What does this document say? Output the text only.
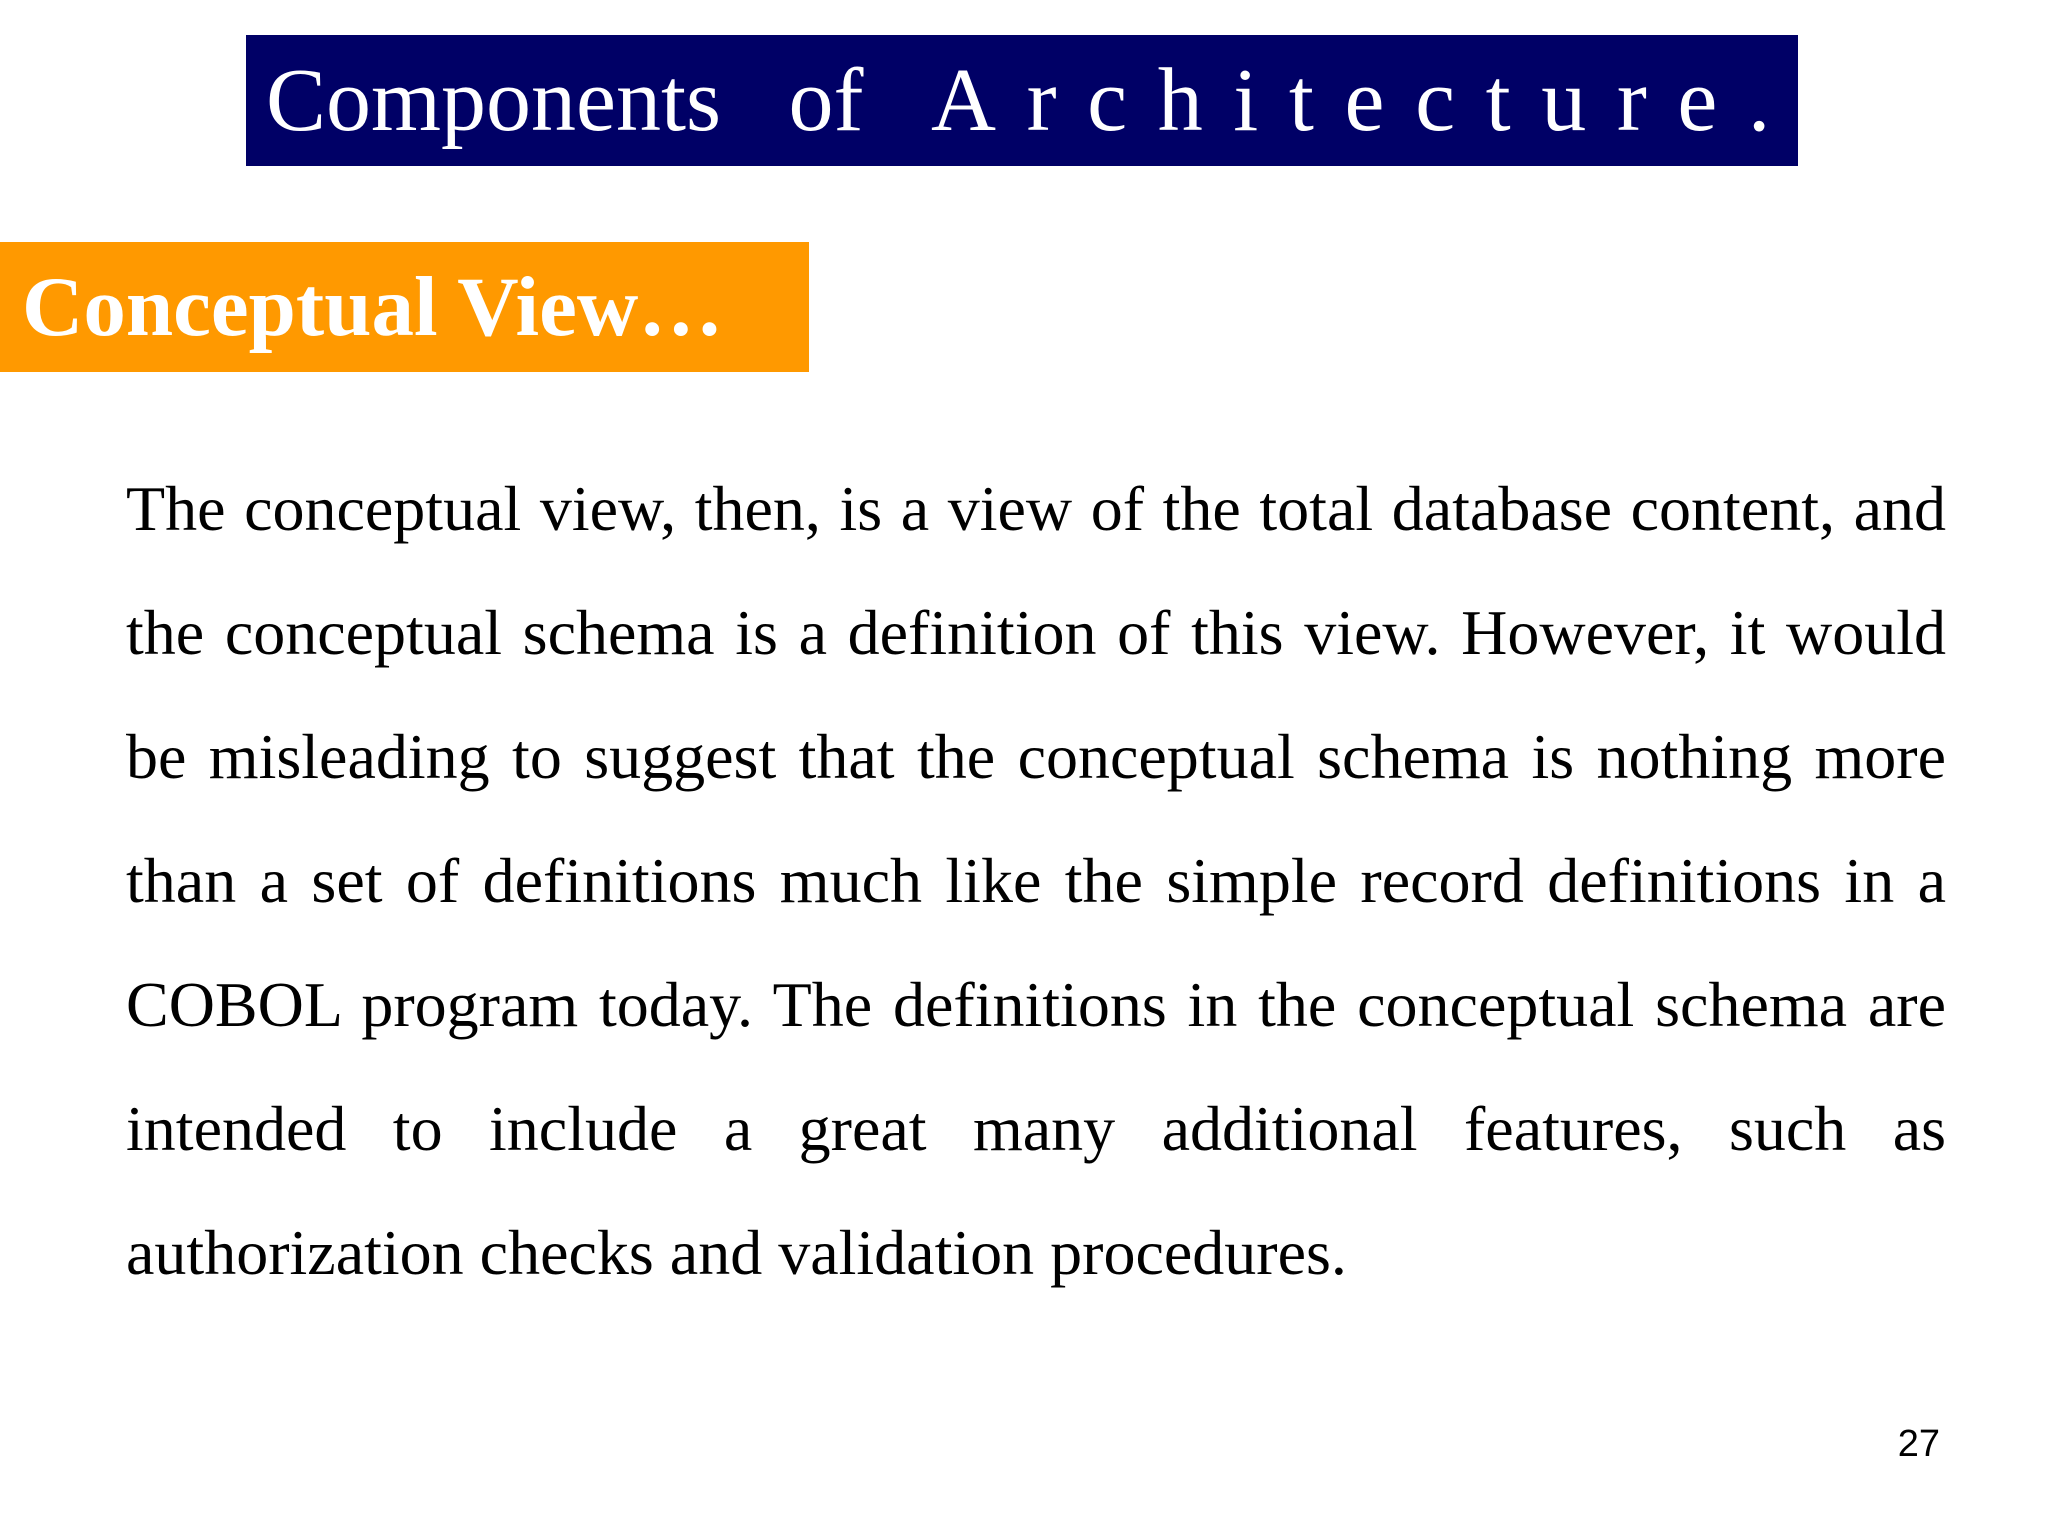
Components of Architecture...
Conceptual View…

The conceptual view, then, is a view of the total database content, and the conceptual schema is a definition of this view. However, it would be misleading to suggest that the conceptual schema is nothing more than a set of definitions much like the simple record definitions in a COBOL program today. The definitions in the conceptual schema are intended to include a great many additional features, such as authorization checks and validation procedures.

27
